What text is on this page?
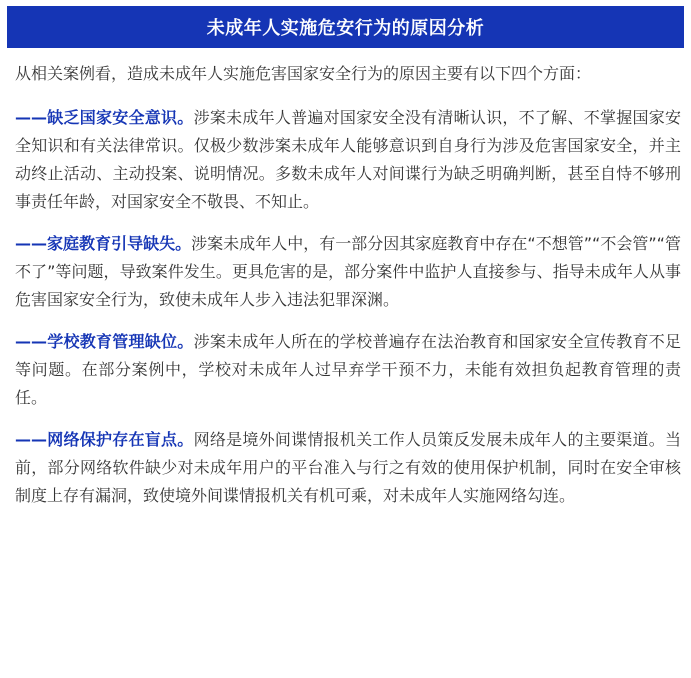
未成年人实施危安行为的原因分析

从相关案例看，造成未成年人实施危害国家安全行为的原因主要有以下四个方面：

——缺乏国家安全意识。涉案未成年人普遍对国家安全没有清晰认识，不了解、不掌握国家安全知识和有关法律常识。仅极少数涉案未成年人能够意识到自身行为涉及危害国家安全，并主动终止活动、主动投案、说明情况。多数未成年人对间谍行为缺乏明确判断，甚至自恃不够刑事责任年龄，对国家安全不敬畏、不知止。

——家庭教育引导缺失。涉案未成年人中，有一部分因其家庭教育中存在“不想管”“不会管”“管不了”等问题，导致案件发生。更具危害的是，部分案件中监护人直接参与、指导未成年人从事危害国家安全行为，致使未成年人步入违法犯罪深渊。

——学校教育管理缺位。涉案未成年人所在的学校普遍存在法治教育和国家安全宣传教育不足等问题。在部分案例中，学校对未成年人过早弃学干预不力，未能有效担负起教育管理的责任。

——网络保护存在盲点。网络是境外间谍情报机关工作人员策反发展未成年人的主要渠道。当前，部分网络软件缺少对未成年用户的平台准入与行之有效的使用保护机制，同时在安全审核制度上存有漏洞，致使境外间谍情报机关有机可乘，对未成年人实施网络勾连。
